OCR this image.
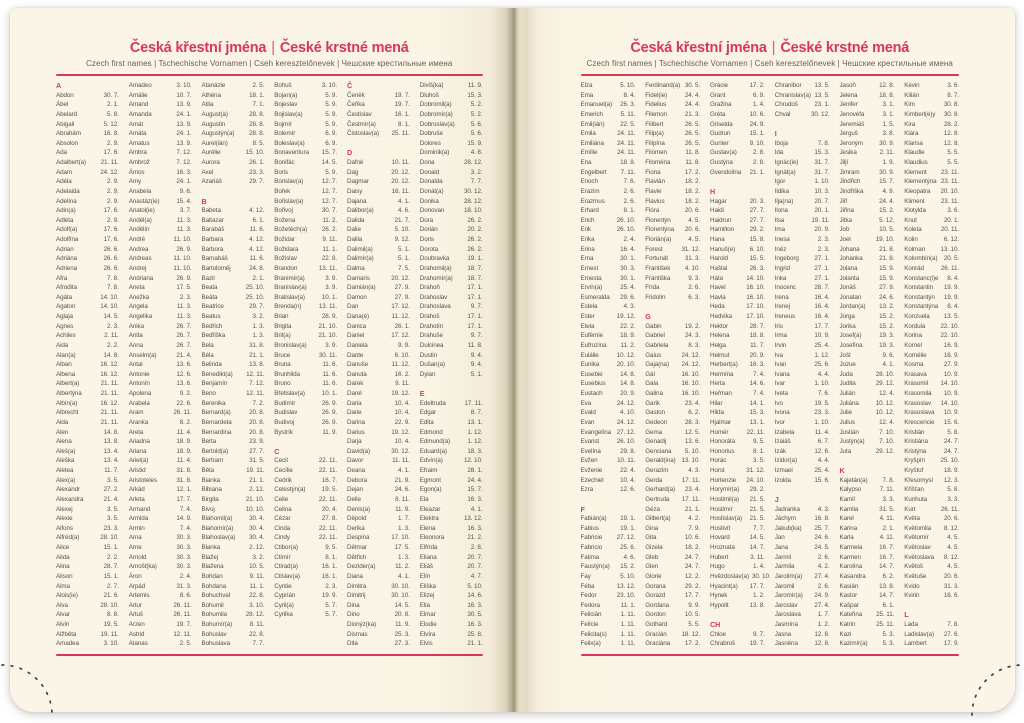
Česká křestní jména | České krstné mená
Czech first names | Tschechische Vornamen | Cseh keresztelőnevek | Чешские крестильные имена
A
Abdon	30. 7.
Ábel	2. 1.
Abelard	5. 8.
Abigail	5. 12.
Abrahám	16. 8.
Absolon	2. 9.
Ada	17. 6.
Adalbert(a) 21. 11.
Adam	24. 12.
Adéla	2. 9.
Adelaida	2. 9.
Adelína	2. 9.
Adin(a)	17. 6.
Adléta	2. 9.
Adolf(a)	17. 6.
Adolfína	17. 6.
Adrian	26. 6.
Adriána	26. 6.
Adriena	26. 6.
Afra	7. 8.
Afrodita	7. 8.
Agáta	14. 10.
Agaton	14. 10.
Aglaja	14. 5.
Agnes	2. 3.
Achiles	2. 11.
Aida	2. 2.
Alan(a)	14. 8.
Alban	16. 12.
Albena	16. 12.
Albert(a)	21. 11.
Albertýna	21. 11.
Albín(a)	16. 12.
Albrecht	21. 11.
Alda	21. 11.
Alen	14. 8.
Alena	13. 8.
Aleš(a)	13. 4.
Aleška	13. 4.
Aletea	11. 7.
Alex(a)	3. 5.
Alexandr	27. 2.
Alexandra	21. 4.
Alexej	3. 5.
Alexie	3. 5.
Alfons	23. 3.
Alfréd(a)	28. 10.
Alice	15. 1.
Alida	2. 2.
Alina	28. 7.
Alison	15. 1.
Alma	2. 7.
Alois(ie)	21. 6.
Alva	28. 10.
Alvar	8. 8.
Alvin	19. 5.
Alžběta	19. 11.
Amadea	3. 10.
Amadeo	3. 10.
Amálie	10. 7.
Amand	13. 9.
Amanda	24. 1.
Amát	13. 9.
Amáta	24. 1.
Amatus	13. 9.
Ambra	7. 12.
Ambrož	7. 12.
Ámos	16. 3.
Amy	24. 1.
Anabela	9. 6.
Anastáz(ie)	15. 4.
Anatol(ie)	3. 7.
Anděl(a)	11. 3.
Andělín	11. 3.
André	11. 10.
Andrea	26. 9.
Andreas	11. 10.
Andrej	11. 10.
Andriana	26. 9.
Aneta	17. 5.
Anežka	2. 3.
Angela	11. 3.
Angelika	11. 3.
Anika	26. 7.
Anita	26. 7.
Anna	26. 7.
Anselm(a)	21. 4.
Antal	13. 6.
Antonie	12. 6.
Antonín	13. 6.
Apolena	9. 2.
Arabela	22. 6.
Aram	26. 11.
Aranka	8. 2.
Areta	11. 4.
Ariadna	18. 9.
Ariana	18. 9.
Ariel(a)	11. 4.
Aristid	31. 8.
Aristoteles	31. 8.
Arkád	12. 1.
Arleta	17. 7.
Armand	7. 4.
Armida	14. 9.
Armin	7. 4.
Arna	30. 3.
Arne	30. 3.
Arnold	30. 3.
Arnošt(ka)	30. 3.
Áron	2. 4.
Arpád	31. 3.
Artemis	8. 6.
Artur	26. 11.
Artuš	26. 11.
Arzen	19. 7.
Astrid	12. 11.
Atanas	2. 5.
Atanázie	2. 5.
Athéna	18. 1.
Atila	7. 1.
August(a)	28. 8.
Augustin	28. 8.
Augustýn(a) 28. 8.
Aurel(ián)	8. 5.
Aurélie	15. 10.
Aurora	26. 1.
Axel	23. 3.
Azariáš	29. 7.
B
Babeta	4. 12.
Baltazar	6. 1.
Barabáš	11. 6.
Barbara	4. 12.
Barbora	4. 12.
Barnabáš	11. 6.
Bartoloměj	24. 8.
Bazil	2. 1.
Beata	25. 10.
Beáta	25. 10.
Beatrice	29. 7.
Beatus	3. 2.
Bedřich	1. 3.
Bedřiška	1. 3.
Bela	31. 8.
Béla	21. 1.
Belinda	13. 8.
Benedikt(a) 12. 11.
Benjamín	7. 12.
Beno	12. 11.
Berenika	7. 2.
Bernard(a)	20. 8.
Bernardeta	20. 8.
Bernardina	20. 8.
Berta	23. 9.
Bertold(a)	27. 7.
Bertram	31. 5.
Běta	19. 11.
Bianka	21. 1.
Bibiana	2. 12.
Birgita	21. 10.
Bivoj	10. 10.
Blahomil(a)	30. 4.
Blahomír(a)	30. 4.
Blahoslav(a) 30. 4.
Blanka	2. 12.
Blažej	3. 2.
Blažena	10. 5.
Bohdan	9. 11.
Bohdana	11. 1.
Bohuchval	22. 8.
Bohumil	3. 10.
Bohumila	28. 12.
Bohumír(a)	8. 11.
Bohuslav	22. 8.
Bohuslava	7. 7.
Bohuš	3. 10.
Bojan(a)	5. 9.
Bojeslav	5. 9.
Bojislav(a)	5. 9.
Bojmír	5. 9.
Bolemír	6. 9.
Boleslav(a)	6. 9.
Bonaventura 15. 7.
Bonifác	14. 5.
Boris	5. 9.
Borislav(a)	12. 7.
Bořek	12. 7.
Bořislav(a)	12. 7.
Bořivoj	30. 7.
Božena	11. 2.
Božetěch(a) 26. 2.
Božidar	9. 11.
Božidara	11. 1.
Božislav	22. 8.
Brandon	13. 11.
Branimír(a)	3. 9.
Branislav(a)	3. 9.
Bratislav(a)	10. 1.
Brenda(n)	13. 11.
Brian	28. 9.
Brigita	21. 10.
Brit(a)	21. 10.
Bronislav(a)	3. 9.
Bruce	30. 11.
Bruna	11. 6.
Brunhilda	11. 6.
Bruno	11. 6.
Břetislav(a)	10. 1.
Budimír	26. 9.
Budislav	26. 9.
Budivoj	26. 9.
Bystrík	11. 9.
C
Cecil	22. 11.
Cecílie	22. 11.
Cedrik	16. 7.
Celestýn(a)	19. 5.
Celie	22. 11.
Celina	20. 4.
Cézar	27. 8.
Cinda	22. 11.
Cindy	22. 11.
Ctibor(a)	9. 5.
Ctimír	8. 1.
Ctirad(a)	16. 1.
Ctislav(a)	16. 1.
Cyntie	2. 3.
Cyprián	19. 9.
Cyril(a)	5. 7.
Cyrilka	5. 7.
Č
Čeněk	19. 7.
Čeňka	19. 7.
Čestislav	16. 1.
Čestmír(a)	8. 1.
Čistoslav(a) 25. 11.
D
Dafné	10. 11.
Dag	20. 12.
Dagmar	20. 12.
Daisy	16. 11.
Dajana	4. 1.
Dalibor(a)	4. 6.
Dalida	21. 7.
Dalie	5. 10.
Dalila	9. 12.
Dalimil(a)	5. 1.
Dalimír(a)	5. 1.
Dalma	7. 5.
Damaris	20. 12.
Damián(a)	27. 9.
Damon	27. 9.
Dan	17. 12.
Dana(é)	11. 12.
Danica	26. 1.
Daniel	17. 12.
Daniela	9. 9.
Dante	6. 10.
Danuše	11. 12.
Danuta	16. 2.
Darek	9. 11.
Darel	19. 12.
Daria	10. 4.
Darie	10. 4.
Darina	22. 9.
Darius	19. 12.
Darja	10. 4.
David(a)	30. 12.
Davor	11. 11.
Deana	4. 1.
Debora	21. 9.
Dejan	24. 6.
Delie	8. 11.
Denis(a)	11. 9.
Děpold	1. 7.
Derika	1. 3.
Despina	17. 10.
Dětmar	17. 5.
Dětřich	1. 3.
Dezider(a)	11. 2.
Diana	4. 1.
Dimitra	30. 10.
Dimitrij	30. 10.
Dina	14. 5.
Dino	20. 8.
Dionýz(ka)	11. 9.
Dismas	25. 3.
Dita	27. 3.
Diviš(ka)	11. 9.
Dluhoš	15. 3.
Dobromil(a)	5. 2.
Dobromír(a)	5. 2.
Dobroslav(a)	5. 6.
Dobruše	5. 6.
Dolores	15. 9.
Dominik(a)	4. 8.
Dona	28. 12.
Donald	3. 2.
Donalda	7. 7.
Donát(a)	30. 12.
Donika	28. 12.
Donovan	18. 10.
Dora	26. 2.
Dorián	20. 2.
Doris	26. 2.
Dorota	26. 2.
Doubravka	19. 1.
Drahomil(a)	18. 7.
Drahomír(a) 18. 7.
Drahoň	17. 1.
Drahoslav	17. 1.
Drahoslava	9. 7.
Drahoš	17. 1.
Drahotín	17. 1.
Drahuše	9. 7.
Dulcinea	11. 8.
Dustin	9. 4.
Dušan(a)	9. 4.
Dylan	5. 1.
E
Edeltruda	17. 11.
Edgar	8. 7.
Edita	13. 1.
Edmond	1. 12.
Edmund(a)	1. 12.
Eduard(a)	18. 3.
Edvín(a)	12. 10.
Efraim	28. 1.
Egmont	24. 4.
Egon(a)	15. 7.
Ela	16. 3.
Eleazar	4. 1.
Elektra	13. 12.
Elena	16. 3.
Eleonora	21. 2.
Elfrída	2. 8.
Eliana	20. 7.
Eliáš	20. 7.
Elín	4. 7.
Eliška	5. 10.
Elizej	14. 6.
Ella	16. 3.
Elmar	30. 5.
Elodie	16. 3.
Elvíra	25. 8.
Elvis	21. 1.
Česká křestní jména | České krstné mená
Czech first names | Tschechische Vornamen | Cseh keresztelőnevek | Чешские крестильные имена
Elza	5. 10.
Ema	8. 4.
Emanuel(a) 26. 3.
Emerich	5. 11.
Emil(ián) 22. 5.
Emila	24. 11.
Emiliána 24. 11.
Emílie	24. 11.
Ena	18. 8.
Engelbert 7. 11.
Enoch	7. 6.
Erazim	2. 6.
Erazmus	2. 6.
Erhard	8. 1.
Erich	26. 10.
Erik	26. 10.
Erika	2. 4.
Erina	16. 4.
Erna	30. 1.
Ernest	30. 3.
Ernesta	30. 1.
Ervín(a)	25. 4.
Esmeralda 29. 6.
Estela	4. 3.
Ester	19. 12.
Etela	22. 2.
Eufémie	18. 9.
Eufrozína 11. 2.
Eulálie	10. 12.
Eunika	20. 10.
Eusebie	14. 8.
Eusebius 14. 8.
Eustach	20. 9.
Eva	24. 12.
Evald	4. 10.
Evan	24. 12.
Evangelína 27. 12.
Evarist	26. 10.
Evelína	29. 8.
Evžen	10. 11.
Evženie	22. 4.
Ezechiel	10. 4.
Ezra	12. 6.
F
Fabián(a) 19. 1.
Fabius	19. 1.
Fabricie 27. 12.
Fabricio	25. 6.
Fatima	4. 6.
Faustýn(a) 15. 2.
Fay	5. 10.
Féba	13. 12.
Fedor	23. 10.
Fedora	11. 1.
Felicián	1. 11.
Felície	1. 11.
Felicita(s) 1. 11.
Felix(a)	1. 11.
Ferdinand(a) 30. 5.
Fidel(ie)	24. 4.
Fidelius	24. 4.
Filemon	21. 3.
Filibert	26. 5.
Filip(a)	26. 5.
Filipína	26. 5.
Filomen	11. 8.
Filoména 11. 8.
Fiona	17. 2.
Flavián	18. 2.
Flavie	18. 2.
Flavius	18. 2.
Flóra	20. 6.
Florentýn	4. 5.
Florentýna 20. 6.
Florián(a)	4. 5.
Forest	31. 12.
Fortunát	31. 3.
František 4. 10.
Františka	9. 3.
Frída	2. 6.
Fridolín	6. 3.
G
Gabin	19. 2.
Gabriel	24. 3.
Gabriela	8. 3.
Gaius	24. 12.
Gaja(na) 24. 12.
Gál	16. 10.
Gala	16. 10.
Galina	16. 10.
Garik	23. 4.
Gaston	6. 2.
Gedeon	28. 3.
Gema	12. 5.
Genadij	13. 6.
Genciana 5. 10.
Gerald(ina) 13. 10.
Gerazim	4. 3.
Gerda	17. 11.
Gerhard(a) 23. 4.
Gertruda 17. 11.
Géza	21. 1.
Gilbert(a)	4. 2.
Gina	7. 9.
Gita	10. 6.
Gizela	18. 2.
Gleb	24. 7.
Glen	24. 7.
Glorie	12. 2.
Gorana	29. 2.
Gorazd	17. 7.
Gordana	9. 9.
Gordon	10. 5.
Gothard	5. 5.
Gracián 18. 12.
Graciána 17. 2.
Grácie	17. 2.
Grant	6. 9.
Gražina	1. 4.
Gréta	10. 6.
Griselda	24. 9.
Gudrun	15. 1.
Gunter	9. 10.
Gustav(a)	2. 8.
Gustýna	2. 8.
Gvendolína 21. 1.
H
Hagar	20. 3.
Haidi	27. 7.
Haidrun	27. 7.
Hamilton 29. 2.
Hana	15. 8.
Hanuš(e) 6. 10.
Harold	15. 5.
Haštal	26. 3.
Háta	14. 10.
Havel	16. 10.
Havla	16. 10.
Heda	17. 10.
Hedvika 17. 10.
Hektor	28. 7.
Helena	18. 8.
Helga	11. 7.
Helmut	20. 9.
Herbert(a) 16. 3.
Hermína	7. 4.
Herta	14. 6.
Heřman	7. 4.
Hilar	14. 1.
Hilda	15. 3.
Hjalmar	13. 1.
Homér	22. 11.
Honoráta	9. 5.
Honorius	8. 1.
Horác	3. 5.
Horst	31. 12.
Hortenzie 24. 10.
Horymír(a) 29. 2.
Hostimil(a) 21. 5.
Hostimír	21. 5.
Hostislav(a) 21. 5.
Hostivít	7. 7.
Hovard	14. 5.
Hroznata 14. 7.
Hubert	3. 11.
Hugo	1. 4.
Hvězdoslav(a) 30. 10.
Hyacint(a) 17. 7.
Hynek	1. 2.
Hypolit	13. 8.
CH
Chloe	9. 7.
Chrabroš 19. 7.
Chranibor 13. 5.
Chranislav(a) 13. 5.
Chrudoš	23. 1.
Chval	30. 12.
I
Iboja	7. 8.
Ida	15. 3.
Ignác(ie)	31. 7.
Ignát(a)	31. 7.
Igor	1. 10.
Ildika	10. 3.
Ilja(na)	20. 7.
Ilona	20. 1.
Ilsa	19. 11.
Ima	20. 9.
Inesa	2. 3.
Inéz	2. 3.
Ingeborg 27. 1.
Ingrid	27. 1.
Inka	27. 1.
Inocenc	28. 7.
Irena	16. 4.
Irenej	16. 4.
Ireneus	16. 4.
Iris	17. 7.
Irma	10. 9.
Irvin	25. 4.
Iva	1. 12.
Ivan	25. 6.
Ivana	4. 4.
Ivar	1. 10.
Iveta	7. 6.
Ivo	19. 5.
Ivona	23. 3.
Ivor	1. 10.
Izabela	11. 4.
Izaiáš	6. 7.
Izák	12. 6.
Izidor(a)	4. 4.
Izmael	25. 4.
Izolda	15. 6.
J
Jadranka	4. 3.
Jáchym	16. 8.
Jakub(ka) 25. 7.
Jan	24. 6.
Jana	24. 5.
Jarmil	2. 6.
Jarmila	4. 2.
Jarolím(a) 27. 4.
Jaromil	2. 6.
Jaromír(a) 24. 9.
Jaroslav	27. 4.
Jaroslava	1. 7.
Jasmína	1. 2.
Jasna	12. 8.
Jasněna	12. 8.
Jasoň	12. 8.
Jelena	18. 8.
Jenifer	3. 1.
Jenovéfa	3. 1.
Jeremiáš	1. 5.
Jerguš	3. 8.
Jeroným	30. 9.
Jesika	2. 11.
Jiljí	1. 9.
Jimram	30. 9.
Jindřich	15. 7.
Jindřiška	4. 9.
Jiří	24. 4.
Jiřina	15. 2.
Jitka	5. 12.
Job	10. 5.
Joel	19. 10.
Johana	21. 8.
Johanka	21. 8.
Jolana	15. 9.
Jolanta	15. 9.
Jonáš	27. 9.
Jonatan	24. 6.
Jordan(a) 13. 2.
Jorga	15. 2.
Jorika	15. 2.
Josef(a)	19. 3.
Josefína	19. 3.
Jošt	9. 6.
Jozue	4. 1.
Juda	28. 10.
Judita	29. 12.
Julián	12. 4.
Juliána	10. 12.
Julie	10. 12.
Julius	12. 4.
Justián	7. 10.
Justýn(a) 7. 10.
Juta	29. 12.
K
Kajetán(a) 7. 8.
Kalypso	7. 11.
Kamil	3. 3.
Kamila	31. 5.
Karel	4. 11.
Karina	2. 1.
Karla	4. 11.
Karmela	16. 7.
Karmen	16. 7.
Karolína	14. 7.
Kasandra	6. 2.
Kasián	13. 8.
Kastor	14. 7.
Kašpar	6. 1.
Kateřina 25. 11.
Katrin	25. 11.
Kazi	5. 3.
Kazimír(a) 5. 3.
Kevin	3. 6.
Kilián	8. 7.
Kim	30. 8.
Kimberl(e)y 30. 8.
Kira	28. 2.
Klára	12. 8.
Klarisa	12. 8.
Klaudie	5. 5.
Klaudius	5. 5.
Klement 23. 11.
Klementýna 23. 11.
Kleopatra 20. 10.
Kliment	23. 11.
Klotylda	3. 6.
Knut	20. 1.
Koleta	20. 11.
Kolin	6. 12.
Kolman 13. 10.
Kolombín(a) 20. 5.
Konrád	26. 11.
Konstanc(i)e 8. 4.
Konstantin 19. 9.
Konstantýn 19. 9.
Konstantýna 8. 4.
Konzuela 13. 5.
Kordula 22. 10.
Korina	22. 10.
Kornel	16. 9.
Kornélie	16. 9.
Kosma	27. 9.
Krasava	10. 9.
Krasomil 14. 10.
Krasomila 10. 9.
Krasoslav 14. 10.
Krasoslava 10. 9.
Krescencie 15. 6.
Kristián	5. 8.
Kristiána	24. 7.
Kristýna	24. 7.
Kryšpín 25. 10.
Kryštof	18. 9.
Křesomysl 12. 3.
Křišťan	5. 8.
Kunhuta	3. 3.
Kurt	26. 11.
Květa	20. 6.
Květomila 8. 12.
Květomír	4. 5.
Květoslav	4. 5.
Květoslava 8. 12.
Květoš	4. 5.
Květuše	20. 6.
Kvido	31. 3.
Kvirin	16. 6.
L
Lada	7. 8.
Ladislav(a) 27. 6.
Lambert	17. 9.
